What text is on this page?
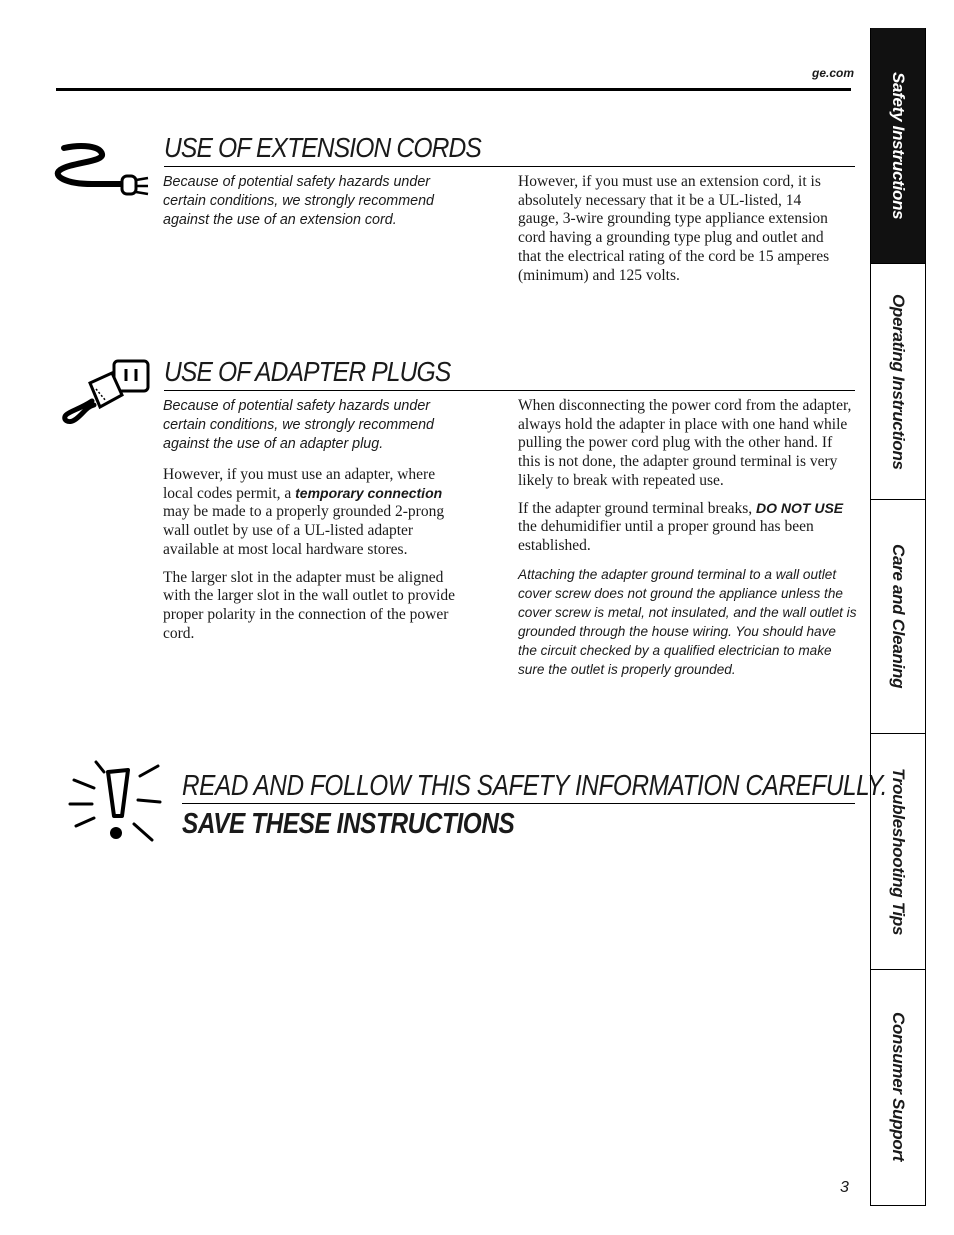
ge.com
USE OF EXTENSION CORDS

Because of potential safety hazards under certain conditions, we strongly recommend against the use of an extension cord.

However, if you must use an extension cord, it is absolutely necessary that it be a UL-listed, 14 gauge, 3-wire grounding type appliance extension cord having a grounding type plug and outlet and that the electrical rating of the cord be 15 amperes (minimum) and 125 volts.

USE OF ADAPTER PLUGS

Because of potential safety hazards under certain conditions, we strongly recommend against the use of an adapter plug.

However, if you must use an adapter, where local codes permit, a temporary connection may be made to a properly grounded 2-prong wall outlet by use of a UL-listed adapter available at most local hardware stores.

The larger slot in the adapter must be aligned with the larger slot in the wall outlet to provide proper polarity in the connection of the power cord.

When disconnecting the power cord from the adapter, always hold the adapter in place with one hand while pulling the power cord plug with the other hand. If this is not done, the adapter ground terminal is very likely to break with repeated use.

If the adapter ground terminal breaks, DO NOT USE the dehumidifier until a proper ground has been established.

Attaching the adapter ground terminal to a wall outlet cover screw does not ground the appliance unless the cover screw is metal, not insulated, and the wall outlet is grounded through the house wiring. You should have the circuit checked by a qualified electrician to make sure the outlet is properly grounded.

READ AND FOLLOW THIS SAFETY INFORMATION CAREFULLY.
SAVE THESE INSTRUCTIONS
Safety Instructions
Operating Instructions
Care and Cleaning
Troubleshooting Tips
Consumer Support
3
